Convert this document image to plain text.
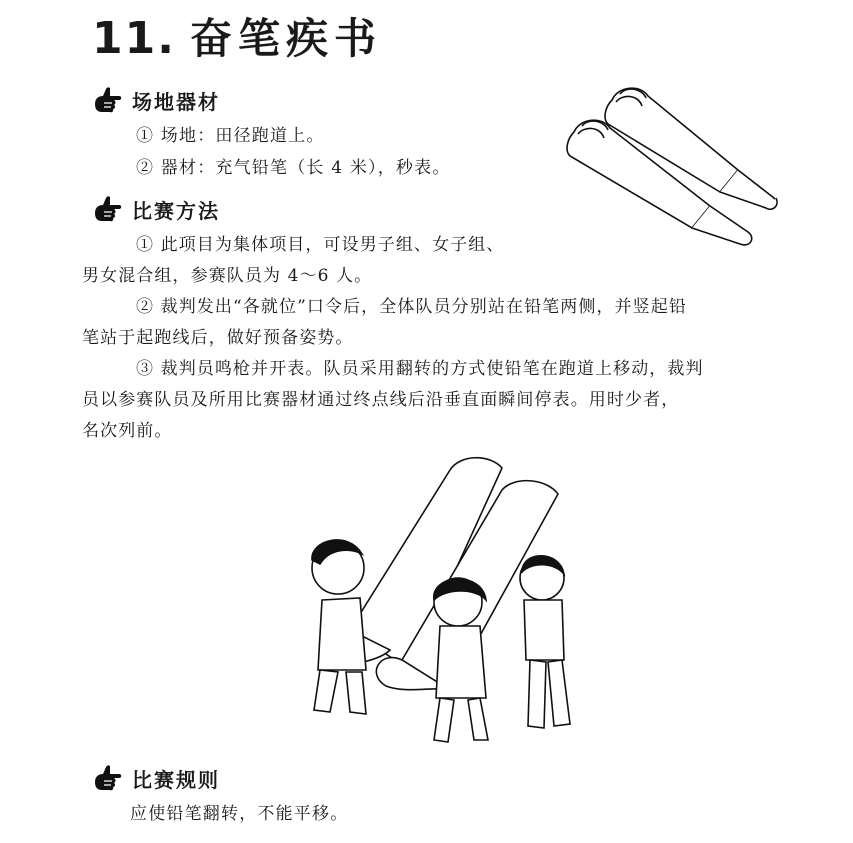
11. 奋笔疾书
场地器材
① 场地：田径跑道上。
② 器材：充气铅笔（长 4 米），秒表。
比赛方法

① 此项目为集体项目，可设男子组、女子组、

男女混合组，参赛队员为 4～6 人。

② 裁判发出“各就位”口令后，全体队员分别站在铅笔两侧，并竖起铅

笔站于起跑线后，做好预备姿势。

③ 裁判员鸣枪并开表。队员采用翻转的方式使铅笔在跑道上移动，裁判

员以参赛队员及所用比赛器材通过终点线后沿垂直面瞬间停表。用时少者，

名次列前。

比赛规则
应使铅笔翻转，不能平移。
